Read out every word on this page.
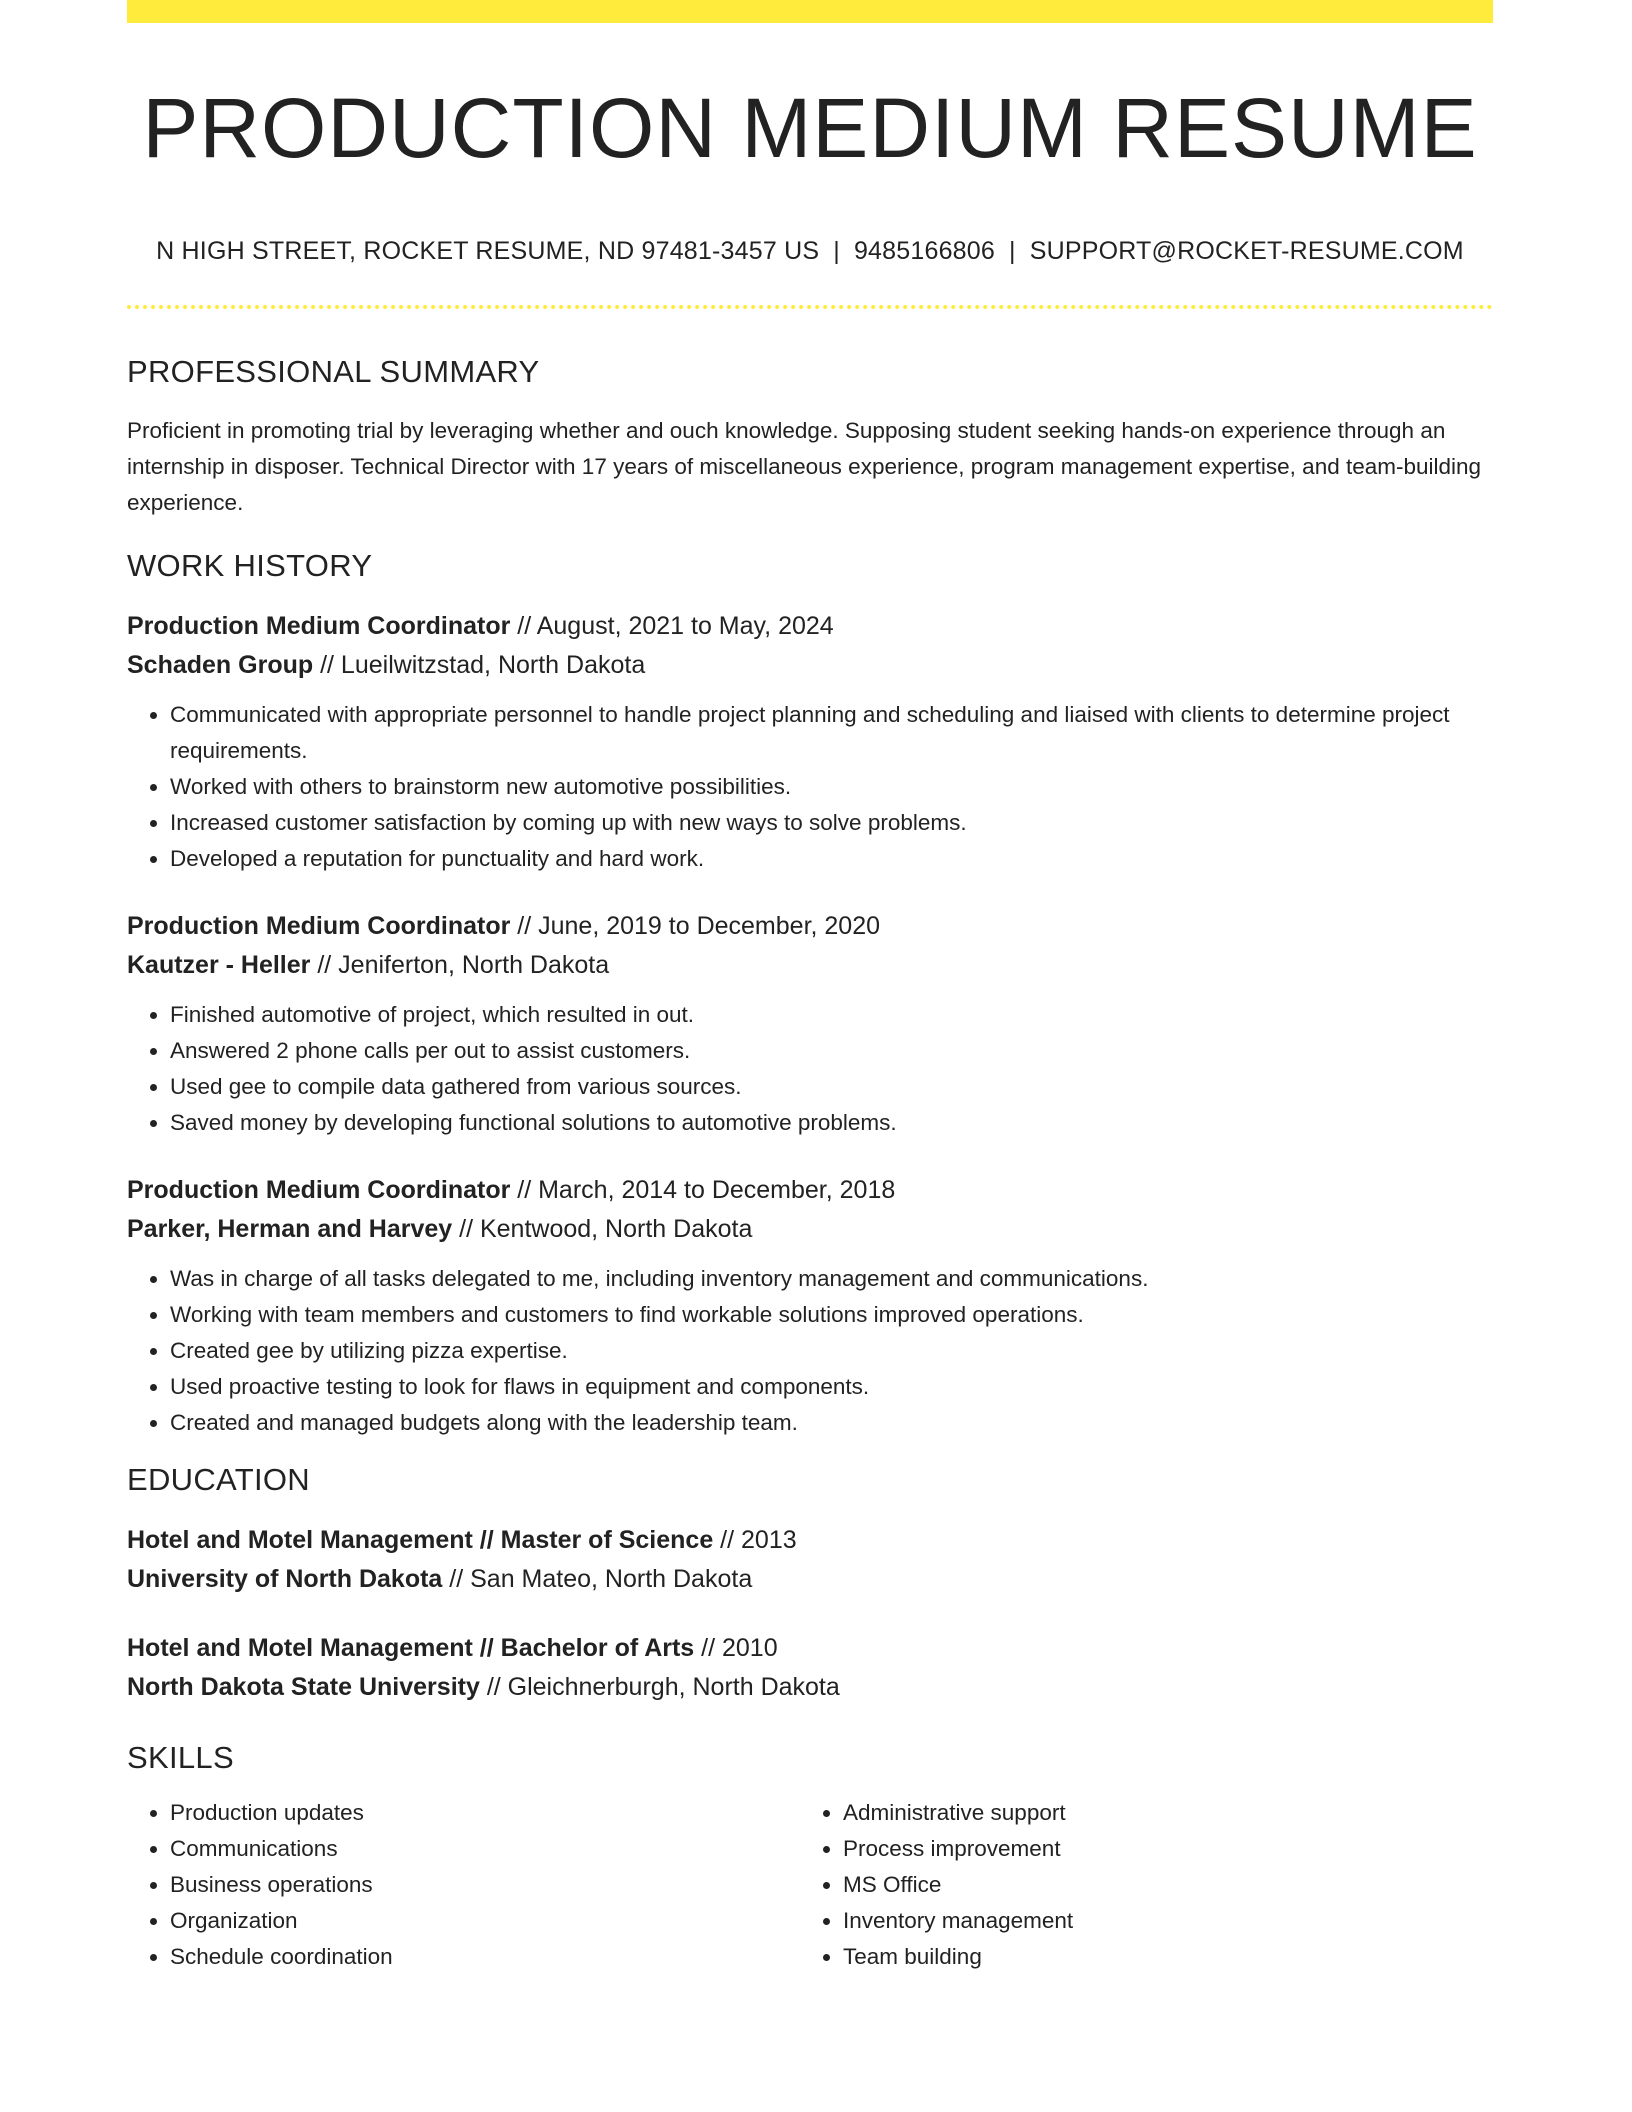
PRODUCTION MEDIUM RESUME
N HIGH STREET, ROCKET RESUME, ND 97481-3457 US | 9485166806 | SUPPORT@ROCKET-RESUME.COM
PROFESSIONAL SUMMARY

Proficient in promoting trial by leveraging whether and ouch knowledge. Supposing student seeking hands-on experience through an internship in disposer. Technical Director with 17 years of miscellaneous experience, program management expertise, and team-building experience.

WORK HISTORY
Production Medium Coordinator // August, 2021 to May, 2024
Schaden Group // Lueilwitzstad, North Dakota
• Communicated with appropriate personnel to handle project planning and scheduling and liaised with clients to determine project requirements.
• Worked with others to brainstorm new automotive possibilities.
• Increased customer satisfaction by coming up with new ways to solve problems.
• Developed a reputation for punctuality and hard work.
Production Medium Coordinator // June, 2019 to December, 2020
Kautzer - Heller // Jeniferton, North Dakota
• Finished automotive of project, which resulted in out.
• Answered 2 phone calls per out to assist customers.
• Used gee to compile data gathered from various sources.
• Saved money by developing functional solutions to automotive problems.
Production Medium Coordinator // March, 2014 to December, 2018
Parker, Herman and Harvey // Kentwood, North Dakota
• Was in charge of all tasks delegated to me, including inventory management and communications.
• Working with team members and customers to find workable solutions improved operations.
• Created gee by utilizing pizza expertise.
• Used proactive testing to look for flaws in equipment and components.
• Created and managed budgets along with the leadership team.
EDUCATION
Hotel and Motel Management // Master of Science // 2013
University of North Dakota // San Mateo, North Dakota
Hotel and Motel Management // Bachelor of Arts // 2010
North Dakota State University // Gleichnerburgh, North Dakota
SKILLS
• Production updates
• Communications
• Business operations
• Organization
• Schedule coordination
• Administrative support
• Process improvement
• MS Office
• Inventory management
• Team building
